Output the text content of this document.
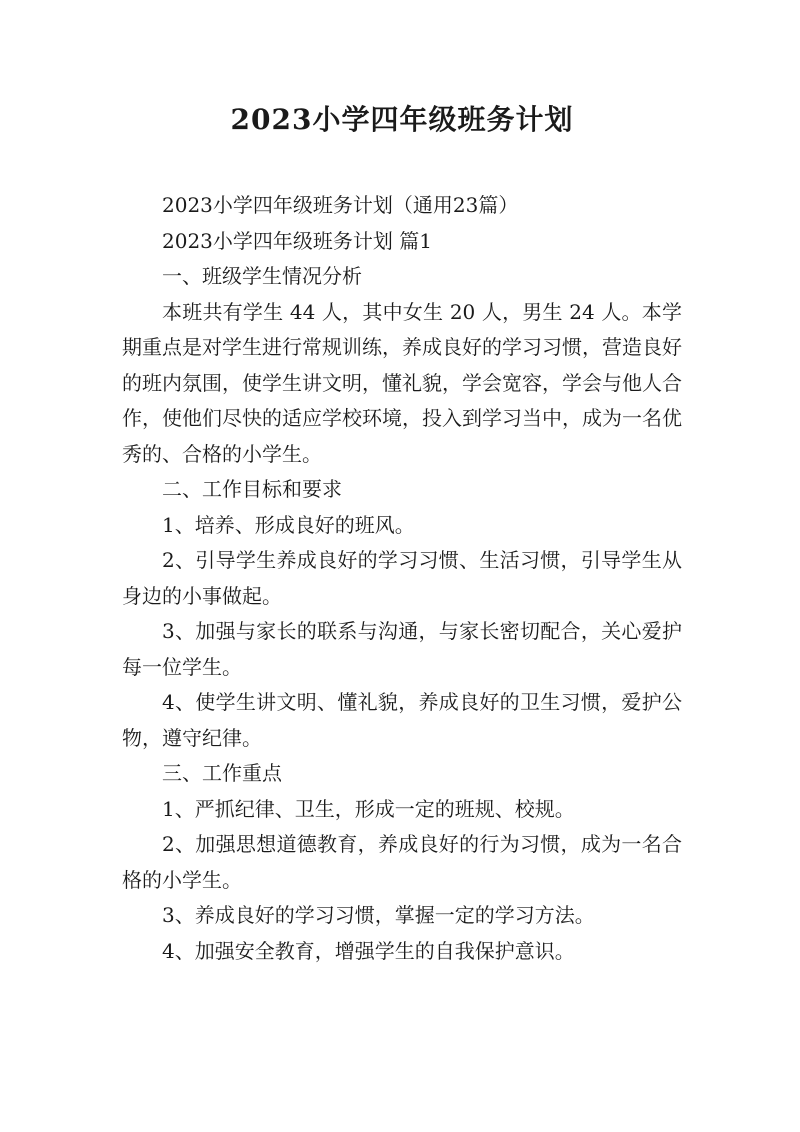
2023小学四年级班务计划

2023小学四年级班务计划（通用23篇）

2023小学四年级班务计划 篇1

一、班级学生情况分析

本班共有学生 44 人，其中女生 20 人，男生 24 人。本学期重点是对学生进行常规训练，养成良好的学习习惯，营造良好的班内氛围，使学生讲文明，懂礼貌，学会宽容，学会与他人合作，使他们尽快的适应学校环境，投入到学习当中，成为一名优秀的、合格的小学生。

二、工作目标和要求

1、培养、形成良好的班风。

2、引导学生养成良好的学习习惯、生活习惯，引导学生从身边的小事做起。

3、加强与家长的联系与沟通，与家长密切配合，关心爱护每一位学生。

4、使学生讲文明、懂礼貌，养成良好的卫生习惯，爱护公物，遵守纪律。

三、工作重点

1、严抓纪律、卫生，形成一定的班规、校规。

2、加强思想道德教育，养成良好的行为习惯，成为一名合格的小学生。

3、养成良好的学习习惯，掌握一定的学习方法。

4、加强安全教育，增强学生的自我保护意识。
